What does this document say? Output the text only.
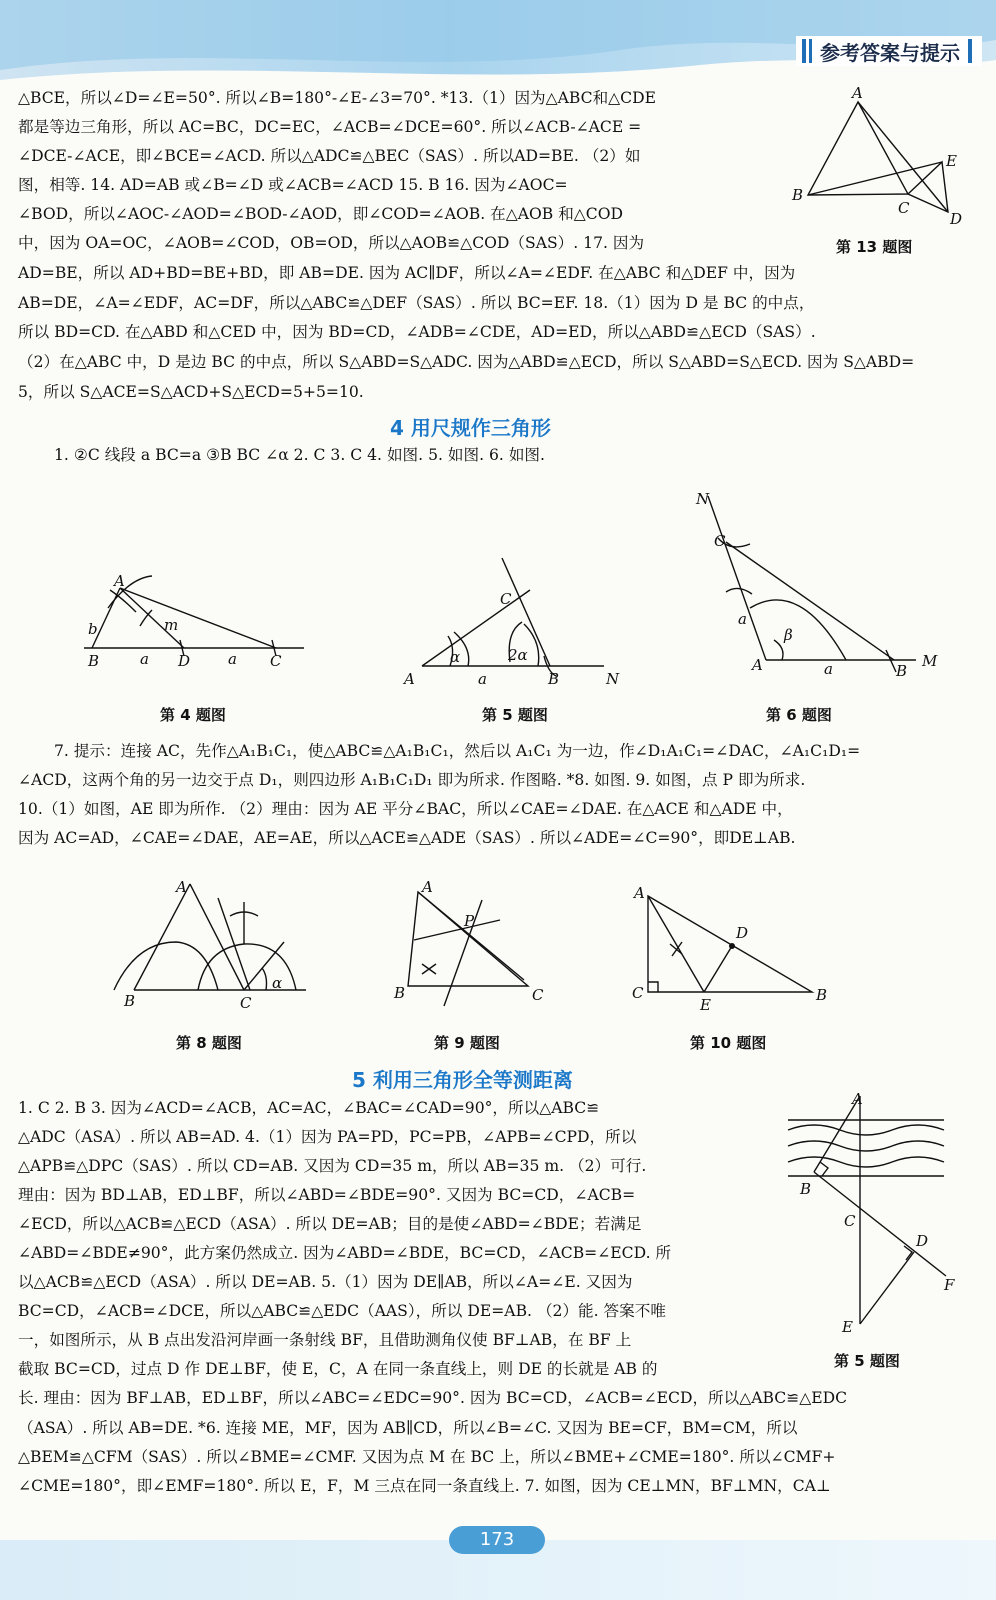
参考答案与提示
△BCE，所以∠D=∠E=50°. 所以∠B=180°-∠E-∠3=70°. *13.（1）因为△ABC和△CDE
都是等边三角形，所以 AC=BC，DC=EC，∠ACB=∠DCE=60°. 所以∠ACB-∠ACE =
∠DCE-∠ACE，即∠BCE=∠ACD. 所以△ADC≌△BEC（SAS）. 所以AD=BE. （2）如
图，相等. 14. AD=AB 或∠B=∠D 或∠ACB=∠ACD 15. B 16. 因为∠AOC=
∠BOD，所以∠AOC-∠AOD=∠BOD-∠AOD，即∠COD=∠AOB. 在△AOB 和△COD
中，因为 OA=OC，∠AOB=∠COD，OB=OD，所以△AOB≌△COD（SAS）. 17. 因为
AD=BE，所以 AD+BD=BE+BD，即 AB=DE. 因为 AC∥DF，所以∠A=∠EDF. 在△ABC 和△DEF 中，因为
AB=DE，∠A=∠EDF，AC=DF，所以△ABC≌△DEF（SAS）. 所以 BC=EF. 18.（1）因为 D 是 BC 的中点，
所以 BD=CD. 在△ABD 和△CED 中，因为 BD=CD，∠ADB=∠CDE，AD=ED，所以△ABD≌△ECD（SAS）.
（2）在△ABC 中，D 是边 BC 的中点，所以 S△ABD=S△ADC. 因为△ABD≌△ECD，所以 S△ABD=S△ECD. 因为 S△ABD=
5，所以 S△ACE=S△ACD+S△ECD=5+5=10.
A
B
C
D
E
第 13 题图
4 用尺规作三角形
1. ②C 线段 a BC=a ③B BC ∠α 2. C 3. C 4. 如图. 5. 如图. 6. 如图.
A
B	C
D
a	a
b	m
第 4 题图
A	N
B
C
α	2α
a
第 5 题图
N
M
A	B
C
a
a
β
第 6 题图
7. 提示：连接 AC，先作△A₁B₁C₁，使△ABC≌△A₁B₁C₁，然后以 A₁C₁ 为一边，作∠D₁A₁C₁=∠DAC，∠A₁C₁D₁=
∠ACD，这两个角的另一边交于点 D₁，则四边形 A₁B₁C₁D₁ 即为所求. 作图略. *8. 如图. 9. 如图，点 P 即为所求.
10.（1）如图，AE 即为所作. （2）理由：因为 AE 平分∠BAC，所以∠CAE=∠DAE. 在△ACE 和△ADE 中，
因为 AC=AD，∠CAE=∠DAE，AE=AE，所以△ACE≌△ADE（SAS）. 所以∠ADE=∠C=90°，即DE⊥AB.
A
B	C
α
第 8 题图
A
B	C
P
第 9 题图
A
B
C
D
E
第 10 题图
5 利用三角形全等测距离
1. C 2. B 3. 因为∠ACD=∠ACB，AC=AC，∠BAC=∠CAD=90°，所以△ABC≌
△ADC（ASA）. 所以 AB=AD. 4.（1）因为 PA=PD，PC=PB，∠APB=∠CPD，所以
△APB≌△DPC（SAS）. 所以 CD=AB. 又因为 CD=35 m，所以 AB=35 m. （2）可行.
理由：因为 BD⊥AB，ED⊥BF，所以∠ABD=∠BDE=90°. 又因为 BC=CD，∠ACB=
∠ECD，所以△ACB≌△ECD（ASA）. 所以 DE=AB；目的是使∠ABD=∠BDE；若满足
∠ABD=∠BDE≠90°，此方案仍然成立. 因为∠ABD=∠BDE，BC=CD，∠ACB=∠ECD. 所
以△ACB≌△ECD（ASA）. 所以 DE=AB. 5.（1）因为 DE∥AB，所以∠A=∠E. 又因为
BC=CD，∠ACB=∠DCE，所以△ABC≌△EDC（AAS），所以 DE=AB. （2）能. 答案不唯
一，如图所示，从 B 点出发沿河岸画一条射线 BF，且借助测角仪使 BF⊥AB，在 BF 上
截取 BC=CD，过点 D 作 DE⊥BF，使 E，C，A 在同一条直线上，则 DE 的长就是 AB 的
长. 理由：因为 BF⊥AB，ED⊥BF，所以∠ABC=∠EDC=90°. 因为 BC=CD，∠ACB=∠ECD，所以△ABC≌△EDC
（ASA）. 所以 AB=DE. *6. 连接 ME，MF，因为 AB∥CD，所以∠B=∠C. 又因为 BE=CF，BM=CM，所以
△BEM≌△CFM（SAS）. 所以∠BME=∠CMF. 又因为点 M 在 BC 上，所以∠BME+∠CME=180°. 所以∠CMF+
∠CME=180°，即∠EMF=180°. 所以 E，F，M 三点在同一条直线上. 7. 如图，因为 CE⊥MN，BF⊥MN，CA⊥
A
B
C
D
E
F
第 5 题图
173
